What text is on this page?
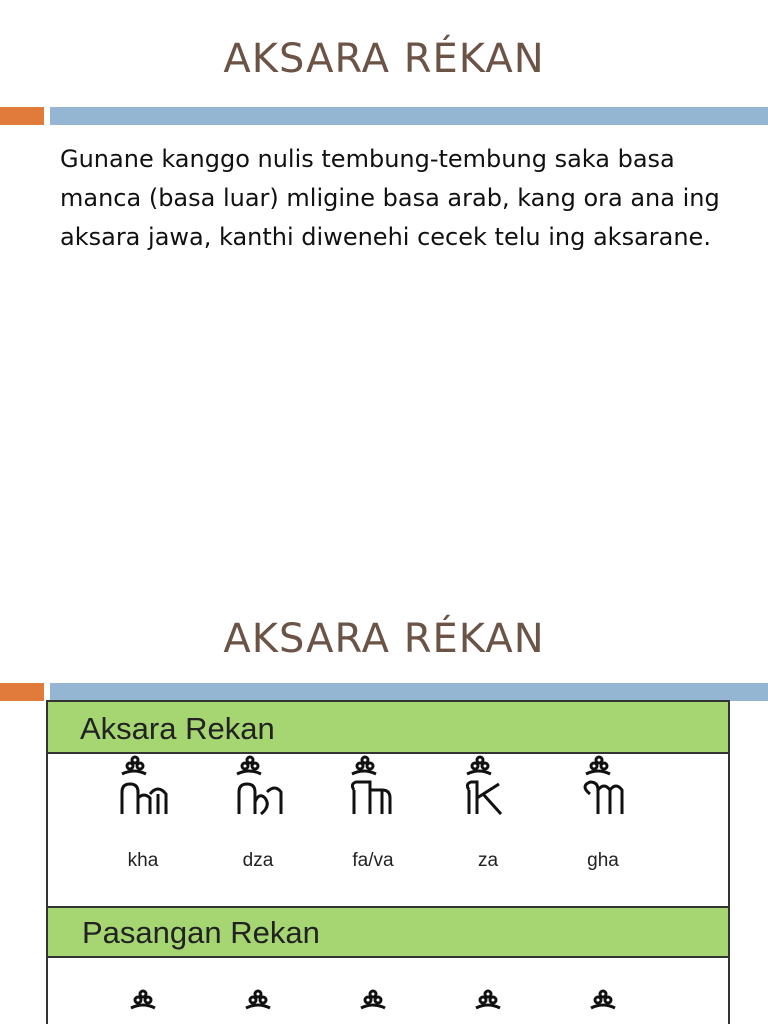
AKSARA RÉKAN
Gunane kanggo nulis tembung-tembung saka basa manca (basa luar) mligine basa arab, kang ora ana ing aksara jawa, kanthi diwenehi cecek telu ing aksarane.
AKSARA RÉKAN
Aksara Rekan
kha	dza	fa/va	za	gha
Pasangan Rekan
